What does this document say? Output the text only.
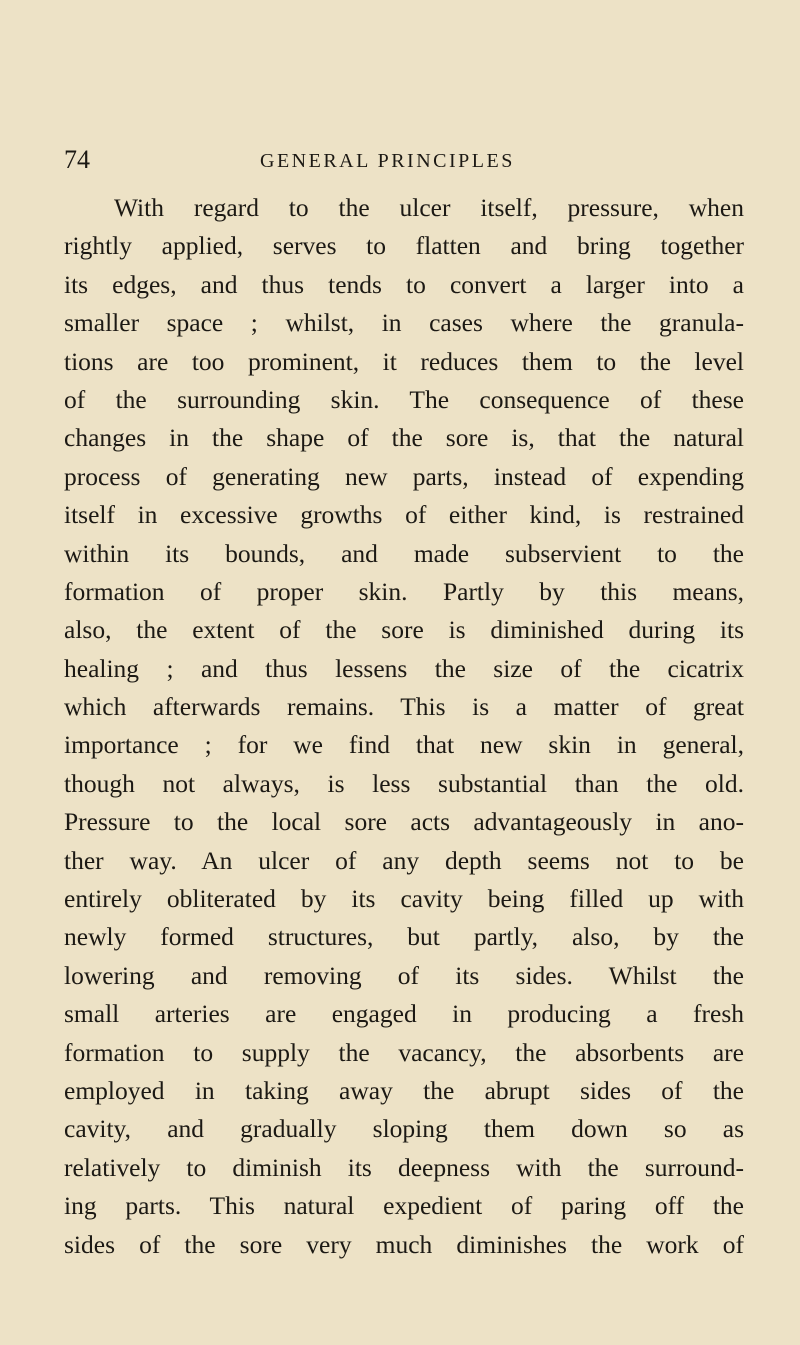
74	GENERAL PRINCIPLES
With regard to the ulcer itself, pressure, when
rightly applied, serves to flatten and bring together
its edges, and thus tends to convert a larger into a
smaller space ; whilst, in cases where the granula-
tions are too prominent, it reduces them to the level
of the surrounding skin. The consequence of these
changes in the shape of the sore is, that the natural
process of generating new parts, instead of expending
itself in excessive growths of either kind, is restrained
within its bounds, and made subservient to the
formation of proper skin. Partly by this means,
also, the extent of the sore is diminished during its
healing ; and thus lessens the size of the cicatrix
which afterwards remains. This is a matter of great
importance ; for we find that new skin in general,
though not always, is less substantial than the old.
Pressure to the local sore acts advantageously in ano-
ther way. An ulcer of any depth seems not to be
entirely obliterated by its cavity being filled up with
newly formed structures, but partly, also, by the
lowering and removing of its sides. Whilst the
small arteries are engaged in producing a fresh
formation to supply the vacancy, the absorbents are
employed in taking away the abrupt sides of the
cavity, and gradually sloping them down so as
relatively to diminish its deepness with the surround-
ing parts. This natural expedient of paring off the
sides of the sore very much diminishes the work of
